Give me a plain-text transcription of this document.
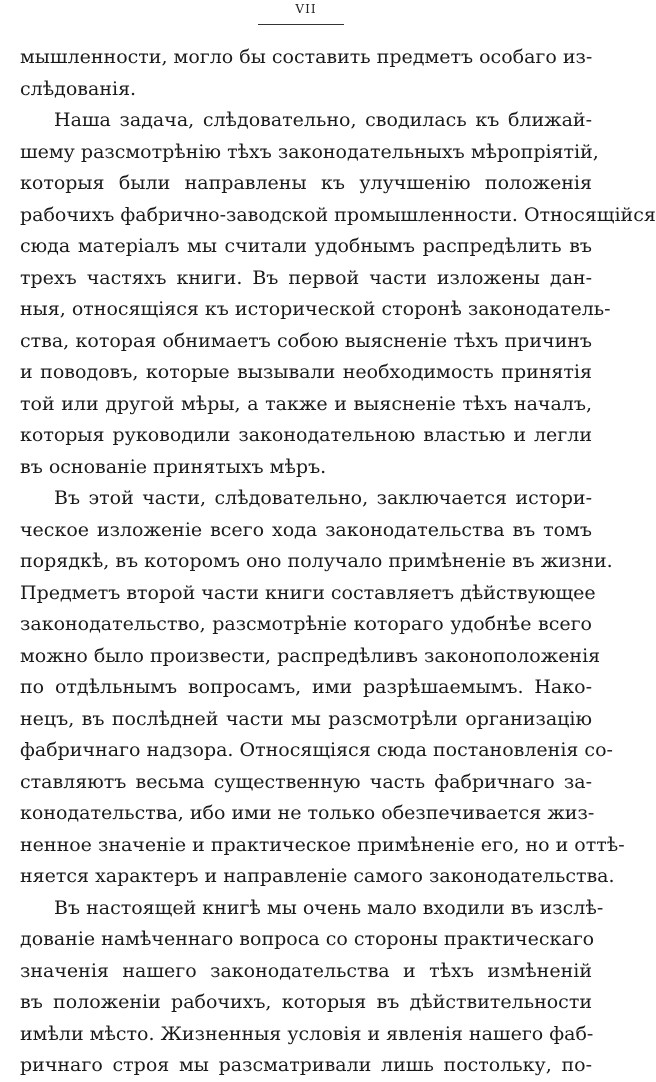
VII
мышленности, могло бы составить предметъ особаго из-
слѣдованія.
Наша задача, слѣдовательно, сводилась къ ближай-
шему разсмотрѣнію тѣхъ законодательныхъ мѣропріятій,
которыя были направлены къ улучшенію положенія
рабочихъ фабрично-заводской промышленности. Относящійся
сюда матеріалъ мы считали удобнымъ распредѣлить въ
трехъ частяхъ книги. Въ первой части изложены дан-
ныя, относящіяся къ исторической сторонѣ законодатель-
ства, которая обнимаетъ собою выясненіе тѣхъ причинъ
и поводовъ, которые вызывали необходимость принятія
той или другой мѣры, а также и выясненіе тѣхъ началъ,
которыя руководили законодательною властью и легли
въ основаніе принятыхъ мѣръ.
Въ этой части, слѣдовательно, заключается истори-
ческое изложеніе всего хода законодательства въ томъ
порядкѣ, въ которомъ оно получало примѣненіе въ жизни.
Предметъ второй части книги составляетъ дѣйствующее
законодательство, разсмотрѣніе котораго удобнѣе всего
можно было произвести, распредѣливъ законоположенія
по отдѣльнымъ вопросамъ, ими разрѣшаемымъ. Нако-
нецъ, въ послѣдней части мы разсмотрѣли организацію
фабричнаго надзора. Относящіяся сюда постановленія со-
ставляютъ весьма существенную часть фабричнаго за-
конодательства, ибо ими не только обезпечивается жиз-
ненное значеніе и практическое примѣненіе его, но и оттѣ-
няется характеръ и направленіе самого законодательства.
Въ настоящей книгѣ мы очень мало входили въ изслѣ-
дованіе намѣченнаго вопроса со стороны практическаго
значенія нашего законодательства и тѣхъ измѣненій
въ положеніи рабочихъ, которыя въ дѣйствительности
имѣли мѣсто. Жизненныя условія и явленія нашего фаб-
ричнаго строя мы разсматривали лишь постольку, по-
